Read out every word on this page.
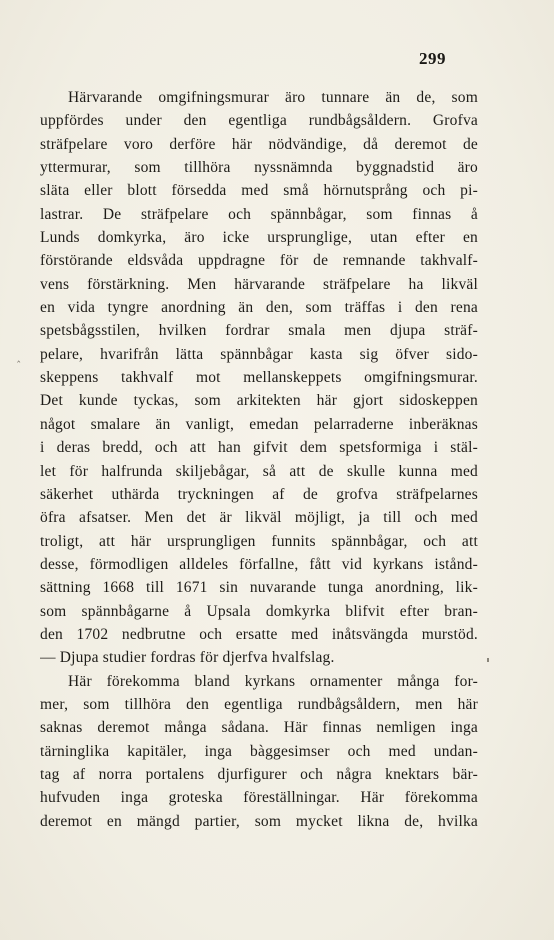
299
‸
Härvarande omgifningsmurar äro tunnare än de, som
uppfördes under den egentliga rundbågsåldern. Grofva
sträfpelare voro derföre här nödvändige, då deremot de
yttermurar, som tillhöra nyssnämnda byggnadstid äro
släta eller blott försedda med små hörnutsprång och pi-
lastrar. De sträfpelare och spännbågar, som finnas å
Lunds domkyrka, äro icke ursprunglige, utan efter en
förstörande eldsvåda uppdragne för de remnande takhvalf-
vens förstärkning. Men härvarande sträfpelare ha likväl
en vida tyngre anordning än den, som träffas i den rena
spetsbågsstilen, hvilken fordrar smala men djupa sträf-
pelare, hvarifrån lätta spännbågar kasta sig öfver sido-
skeppens takhvalf mot mellanskeppets omgifningsmurar.
Det kunde tyckas, som arkitekten här gjort sidoskeppen
något smalare än vanligt, emedan pelarraderne inberäknas
i deras bredd, och att han gifvit dem spetsformiga i stäl-
let för halfrunda skiljebågar, så att de skulle kunna med
säkerhet uthärda tryckningen af de grofva sträfpelarnes
öfra afsatser. Men det är likväl möjligt, ja till och med
troligt, att här ursprungligen funnits spännbågar, och att
desse, förmodligen alldeles förfallne, fått vid kyrkans istånd-
sättning 1668 till 1671 sin nuvarande tunga anordning, lik-
som spännbågarne å Upsala domkyrka blifvit efter bran-
den 1702 nedbrutne och ersatte med inåtsvängda murstöd.
— Djupa studier fordras för djerfva hvalfslag.
Här förekomma bland kyrkans ornamenter många for-
mer, som tillhöra den egentliga rundbågsåldern, men här
saknas deremot många sådana. Här finnas nemligen inga
tärninglika kapitäler, inga bàggesimser och med undan-
tag af norra portalens djurfigurer och några knektars bär-
hufvuden inga groteska föreställningar. Här förekomma
deremot en mängd partier, som mycket likna de, hvilka
